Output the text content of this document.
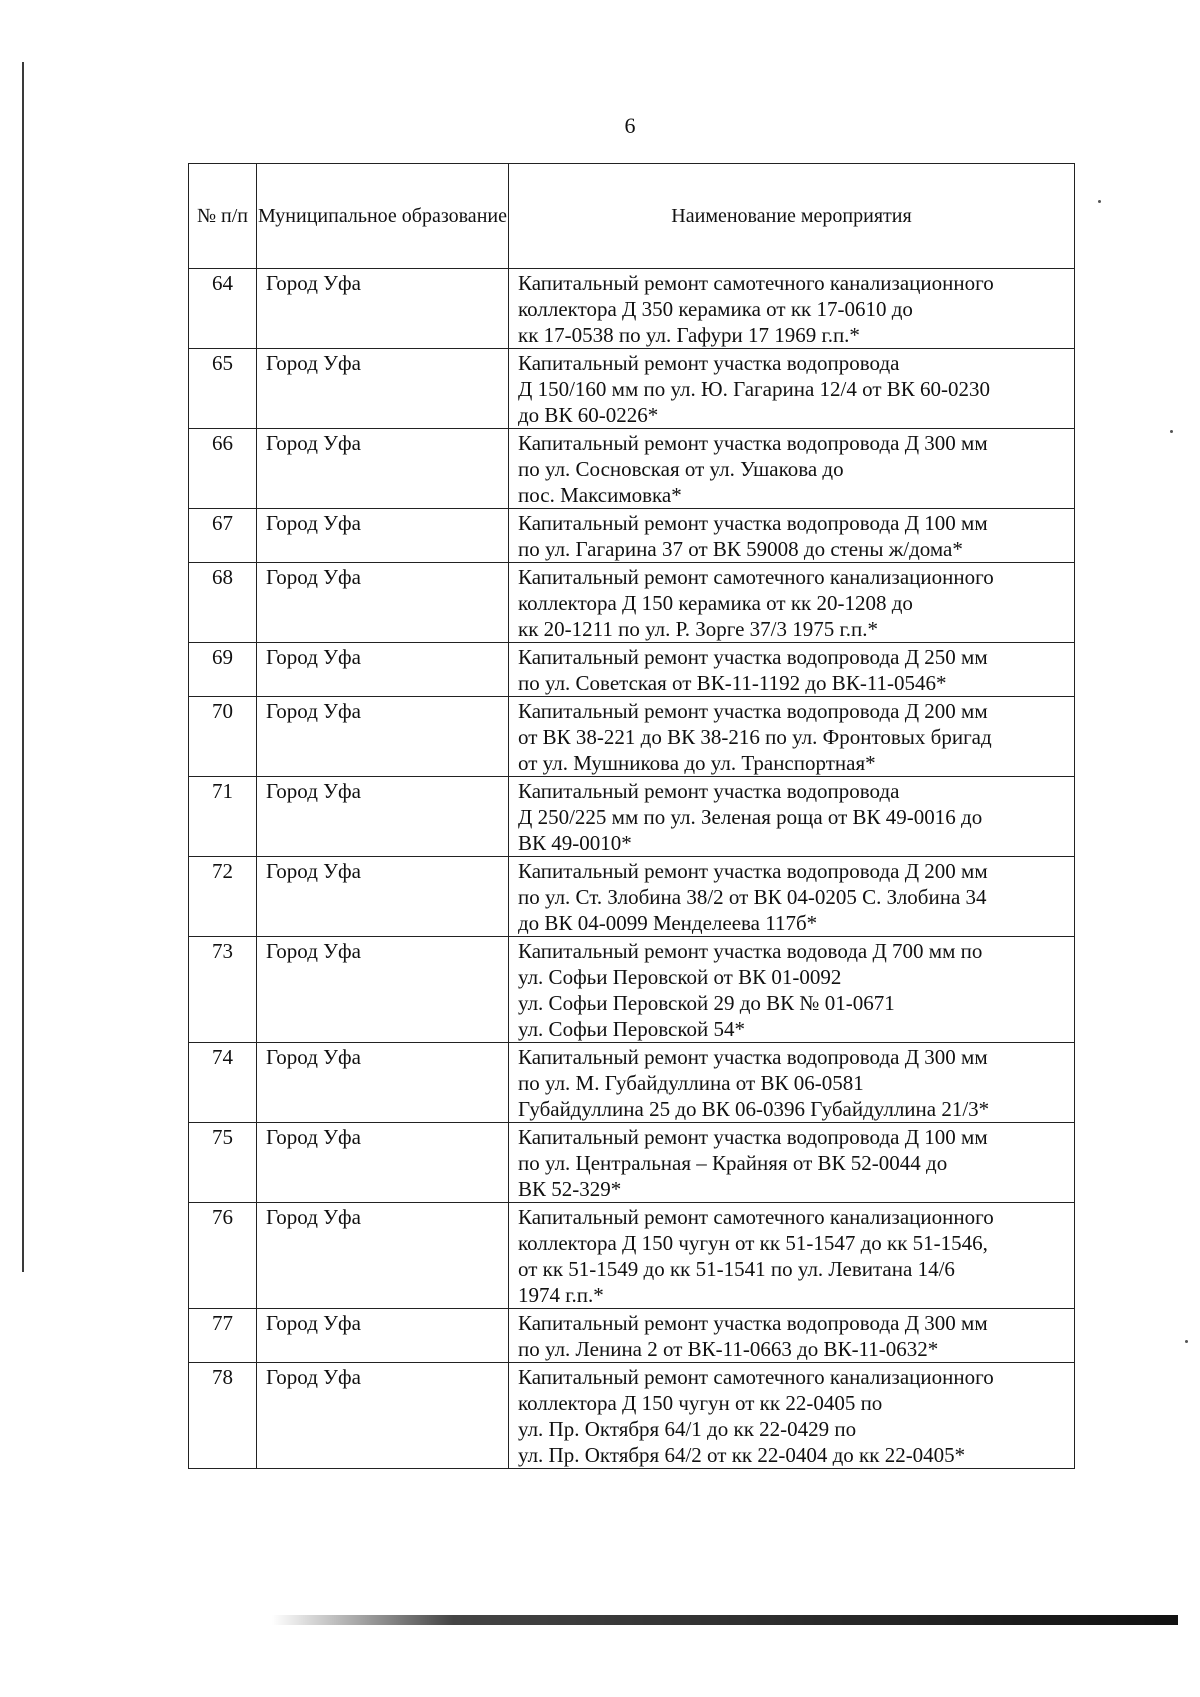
6
№ п/п	Муниципальное образование	Наименование мероприятия
64	Город Уфа	Капитальный ремонт самотечного канализационного
коллектора Д 350 керамика от кк 17-0610 до
кк 17-0538 по ул. Гафури 17 1969 г.п.*

65	Город Уфа	Капитальный ремонт участка водопровода
Д 150/160 мм по ул. Ю. Гагарина 12/4 от ВК 60-0230
до ВК 60-0226*

66	Город Уфа	Капитальный ремонт участка водопровода Д 300 мм
по ул. Сосновская от ул. Ушакова до
пос. Максимовка*

67	Город Уфа	Капитальный ремонт участка водопровода Д 100 мм
по ул. Гагарина 37 от ВК 59008 до стены ж/дома*

68	Город Уфа	Капитальный ремонт самотечного канализационного
коллектора Д 150 керамика от кк 20-1208 до
кк 20-1211 по ул. Р. Зорге 37/3 1975 г.п.*

69	Город Уфа	Капитальный ремонт участка водопровода Д 250 мм
по ул. Советская от ВК-11-1192 до ВК-11-0546*

70	Город Уфа	Капитальный ремонт участка водопровода Д 200 мм
от ВК 38-221 до ВК 38-216 по ул. Фронтовых бригад
от ул. Мушникова до ул. Транспортная*

71	Город Уфа	Капитальный ремонт участка водопровода
Д 250/225 мм по ул. Зеленая роща от ВК 49-0016 до
ВК 49-0010*

72	Город Уфа	Капитальный ремонт участка водопровода Д 200 мм
по ул. Ст. Злобина 38/2 от ВК 04-0205 С. Злобина 34
до ВК 04-0099 Менделеева 117б*

73	Город Уфа	Капитальный ремонт участка водовода Д 700 мм по
ул. Софьи Перовской от ВК 01-0092
ул. Софьи Перовской 29 до ВК № 01-0671
ул. Софьи Перовской 54*

74	Город Уфа	Капитальный ремонт участка водопровода Д 300 мм
по ул. М. Губайдуллина от ВК 06-0581
Губайдуллина 25 до ВК 06-0396 Губайдуллина 21/3*

75	Город Уфа	Капитальный ремонт участка водопровода Д 100 мм
по ул. Центральная – Крайняя от ВК 52-0044 до
ВК 52-329*

76	Город Уфа	Капитальный ремонт самотечного канализационного
коллектора Д 150 чугун от кк 51-1547 до кк 51-1546,
от кк 51-1549 до кк 51-1541 по ул. Левитана 14/6
1974 г.п.*

77	Город Уфа	Капитальный ремонт участка водопровода Д 300 мм
по ул. Ленина 2 от ВК-11-0663 до ВК-11-0632*

78	Город Уфа	Капитальный ремонт самотечного канализационного
коллектора Д 150 чугун от кк 22-0405 по
ул. Пр. Октября 64/1 до кк 22-0429 по
ул. Пр. Октября 64/2 от кк 22-0404 до кк 22-0405*
